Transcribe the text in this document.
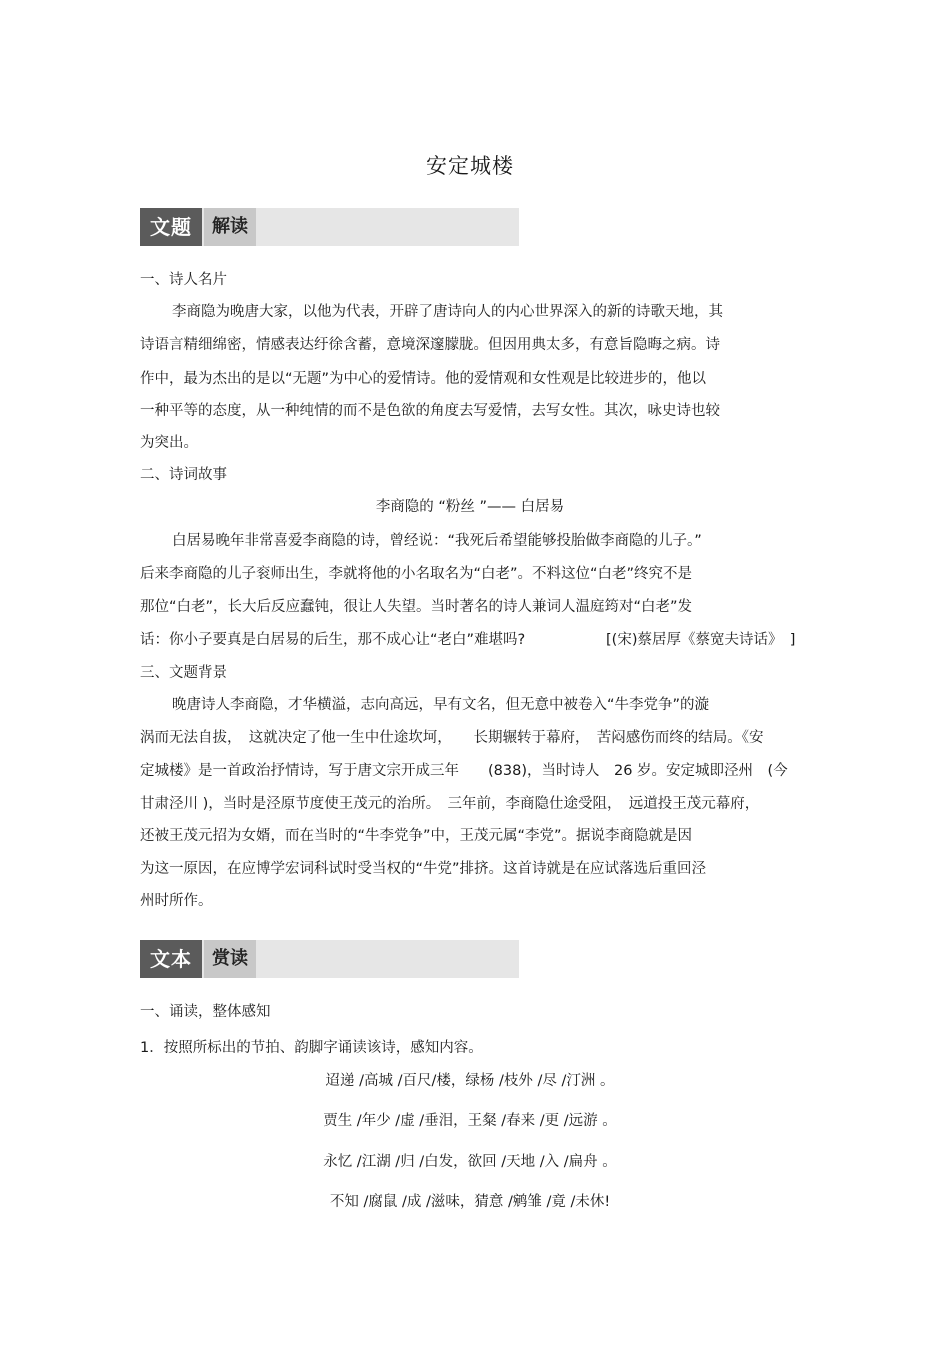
安定城楼
文题	解读
一、诗人名片
李商隐为晚唐大家，以他为代表，开辟了唐诗向人的内心世界深入的新的诗歌天地，其
诗语言精细绵密，情感表达纡徐含蓄，意境深邃朦胧。但因用典太多，有意旨隐晦之病。诗
作中，最为杰出的是以“无题”为中心的爱情诗。他的爱情观和女性观是比较进步的，他以
一种平等的态度，从一种纯情的而不是色欲的角度去写爱情，去写女性。其次，咏史诗也较
为突出。
二、诗词故事
李商隐的 “粉丝 ”—— 白居易
白居易晚年非常喜爱李商隐的诗，曾经说：“我死后希望能够投胎做李商隐的儿子。”
后来李商隐的儿子衮师出生，李就将他的小名取名为“白老”。不料这位“白老”终究不是
那位“白老”，长大后反应蠢钝，很让人失望。当时著名的诗人兼词人温庭筠对“白老”发
话：你小子要真是白居易的后生，那不成心让“老白”难堪吗?	[(宋)蔡居厚《蔡宽夫诗话》　]
三、文题背景
晚唐诗人李商隐，才华横溢，志向高远，早有文名，但无意中被卷入“牛李党争”的漩
涡而无法自拔，　这就决定了他一生中仕途坎坷，　　长期辗转于幕府，　苦闷感伤而终的结局。《安
定城楼》是一首政治抒情诗，写于唐文宗开成三年　　(838)，当时诗人　26 岁。安定城即泾州　(今
甘肃泾川 )，当时是泾原节度使王茂元的治所。　三年前，李商隐仕途受阻，　远道投王茂元幕府，
还被王茂元招为女婿，而在当时的“牛李党争”中，王茂元属“李党”。据说李商隐就是因
为这一原因，在应博学宏词科试时受当权的“牛党”排挤。这首诗就是在应试落选后重回泾
州时所作。
文本	赏读
一、诵读，整体感知
1．按照所标出的节拍、韵脚字诵读该诗，感知内容。
迢递 /高城 /百尺/楼，绿杨 /枝外 /尽 /汀洲 。
贾生 /年少 /虚 /垂泪，王粲 /春来 /更 /远游 。
永忆 /江湖 /归 /白发，欲回 /天地 /入 /扁舟 。
不知 /腐鼠 /成 /滋味，猜意 /鹓雏 /竟 /未休!
